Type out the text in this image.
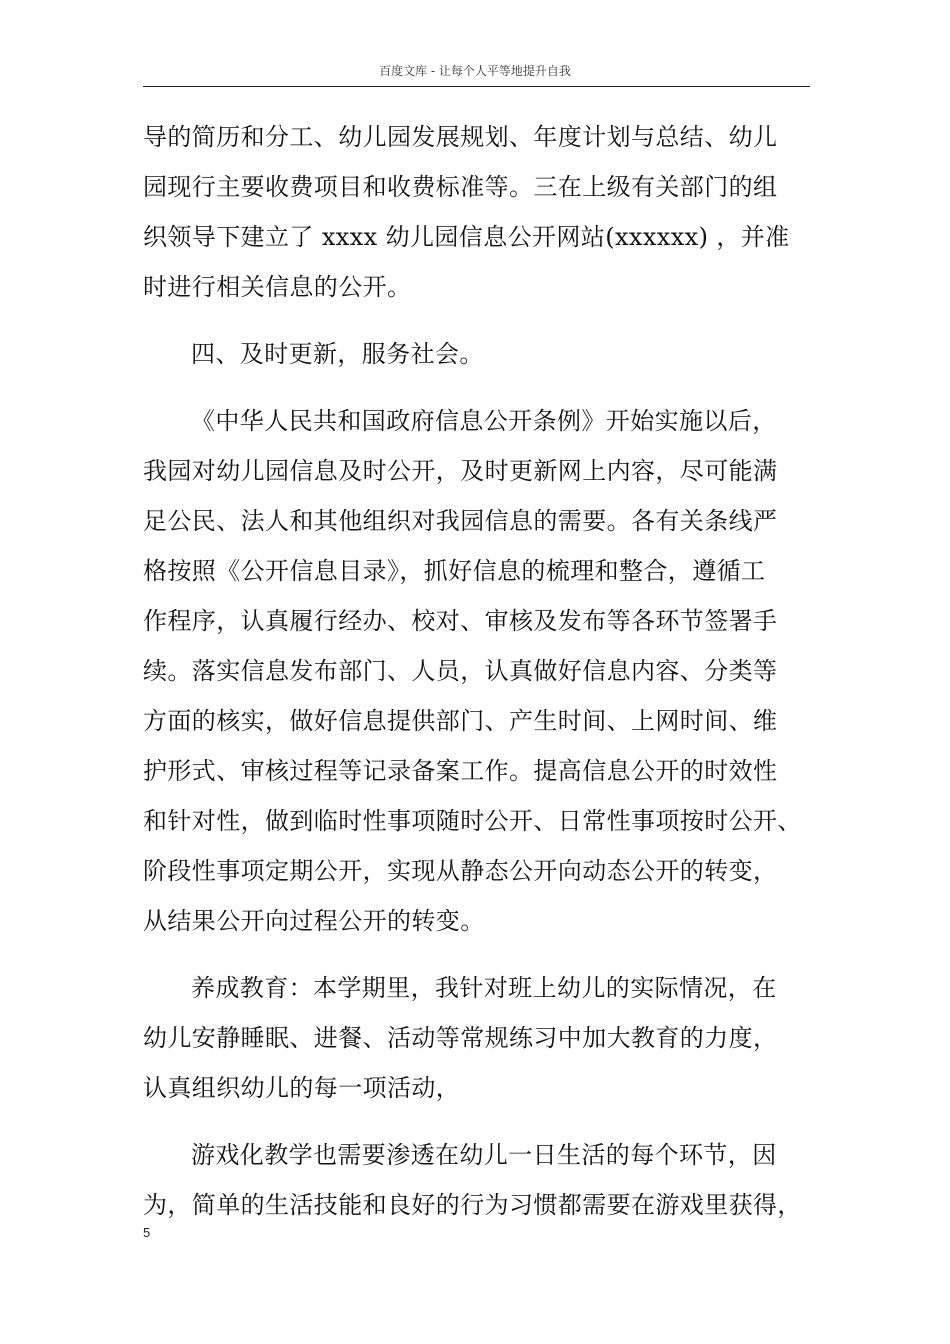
百度文库 - 让每个人平等地提升自我
导的简历和分工、幼儿园发展规划、年度计划与总结、幼儿
园现行主要收费项目和收费标准等。三在上级有关部门的组
织领导下建立了 xxxx 幼儿园信息公开网站(xxxxxx) ，并准
时进行相关信息的公开。
四、及时更新，服务社会。
《中华人民共和国政府信息公开条例》开始实施以后，
我园对幼儿园信息及时公开，及时更新网上内容，尽可能满
足公民、法人和其他组织对我园信息的需要。各有关条线严
格按照《公开信息目录》，抓好信息的梳理和整合，遵循工
作程序，认真履行经办、校对、审核及发布等各环节签署手
续。落实信息发布部门、人员，认真做好信息内容、分类等
方面的核实，做好信息提供部门、产生时间、上网时间、维
护形式、审核过程等记录备案工作。提高信息公开的时效性
和针对性，做到临时性事项随时公开、日常性事项按时公开、
阶段性事项定期公开，实现从静态公开向动态公开的转变，
从结果公开向过程公开的转变。
养成教育：本学期里，我针对班上幼儿的实际情况，在
幼儿安静睡眠、进餐、活动等常规练习中加大教育的力度，
认真组织幼儿的每一项活动，
游戏化教学也需要渗透在幼儿一日生活的每个环节，因
为，简单的生活技能和良好的行为习惯都需要在游戏里获得，
5
